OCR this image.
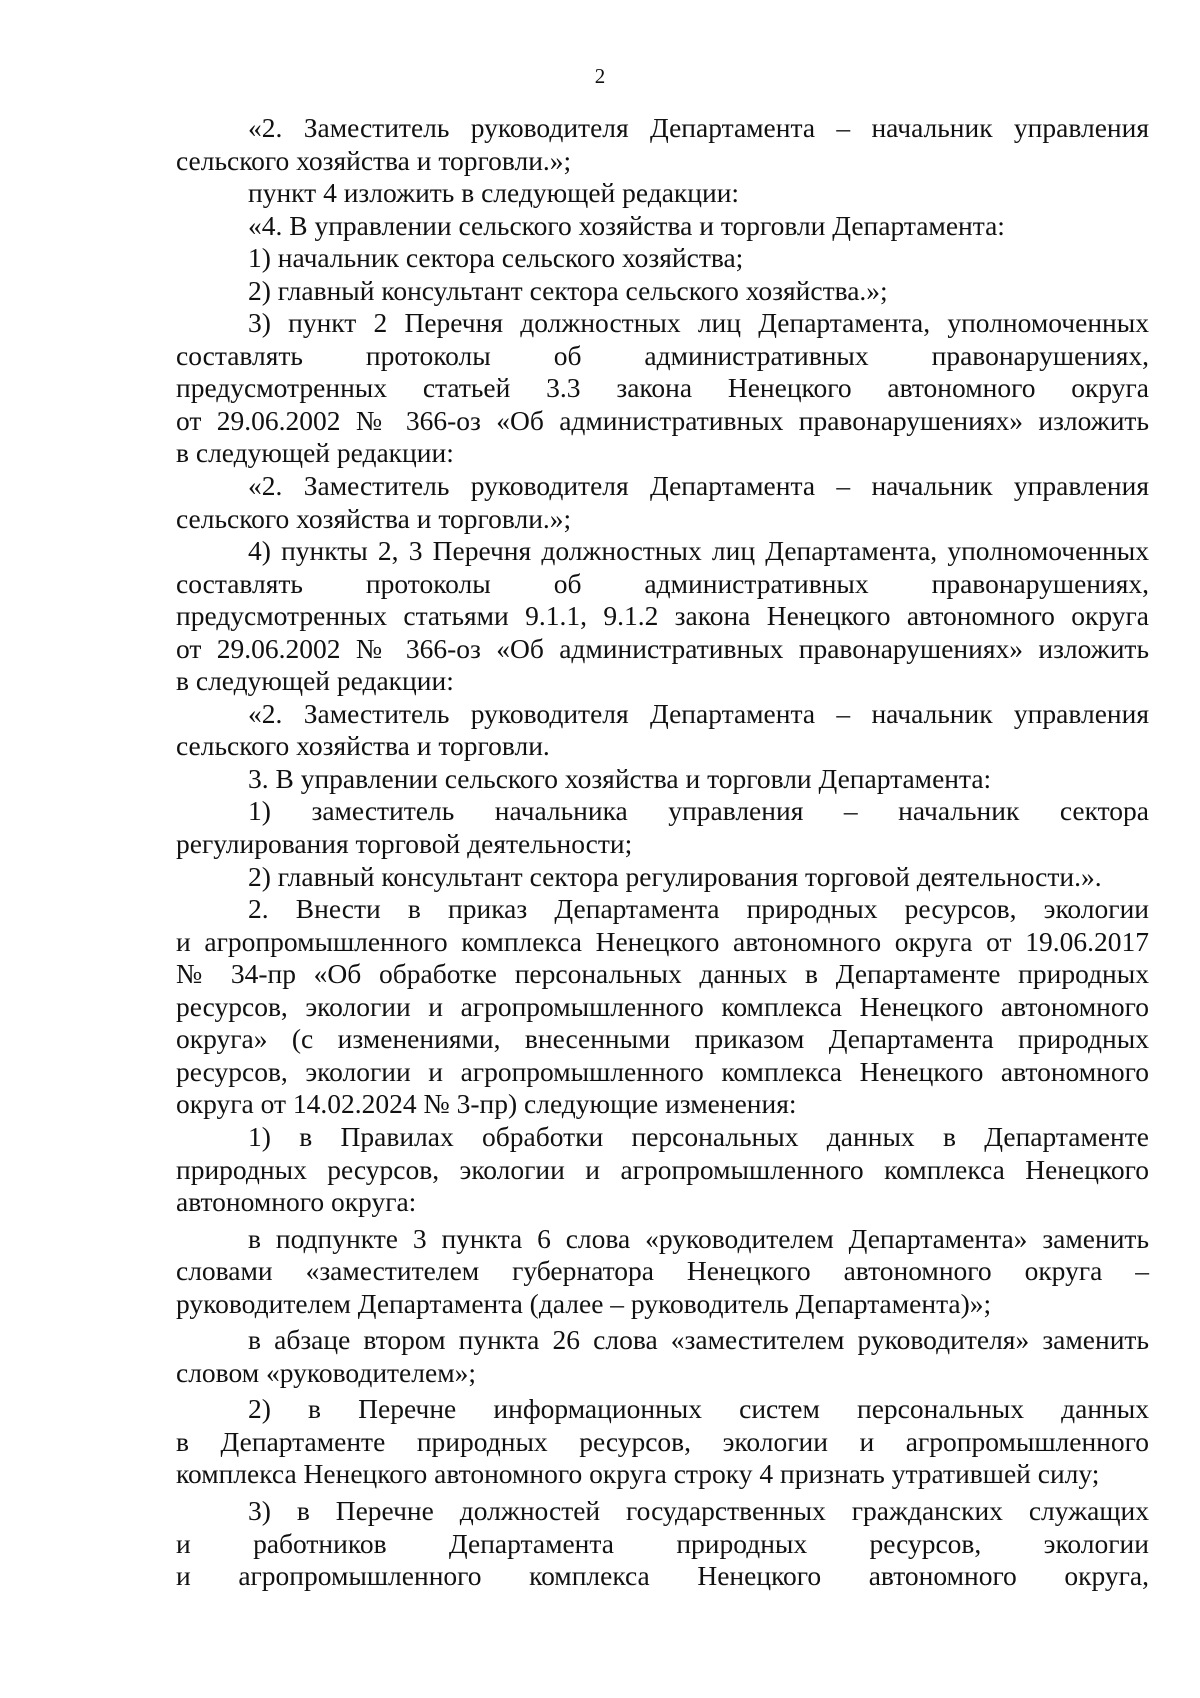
2
«2. Заместитель руководителя Департамента – начальник управления
сельского хозяйства и торговли.»;
пункт 4 изложить в следующей редакции:
«4. В управлении сельского хозяйства и торговли Департамента:
1) начальник сектора сельского хозяйства;
2) главный консультант сектора сельского хозяйства.»;
3) пункт 2 Перечня должностных лиц Департамента, уполномоченных
составлять протоколы об административных правонарушениях,
предусмотренных статьей 3.3 закона Ненецкого автономного округа
от 29.06.2002 № 366-оз «Об административных правонарушениях» изложить
в следующей редакции:
«2. Заместитель руководителя Департамента – начальник управления
сельского хозяйства и торговли.»;
4) пункты 2, 3 Перечня должностных лиц Департамента, уполномоченных
составлять протоколы об административных правонарушениях,
предусмотренных статьями 9.1.1, 9.1.2 закона Ненецкого автономного округа
от 29.06.2002 № 366-оз «Об административных правонарушениях» изложить
в следующей редакции:
«2. Заместитель руководителя Департамента – начальник управления
сельского хозяйства и торговли.
3. В управлении сельского хозяйства и торговли Департамента:
1) заместитель начальника управления – начальник сектора
регулирования торговой деятельности;
2) главный консультант сектора регулирования торговой деятельности.».
2. Внести в приказ Департамента природных ресурсов, экологии
и агропромышленного комплекса Ненецкого автономного округа от 19.06.2017
№ 34-пр «Об обработке персональных данных в Департаменте природных
ресурсов, экологии и агропромышленного комплекса Ненецкого автономного
округа» (с изменениями, внесенными приказом Департамента природных
ресурсов, экологии и агропромышленного комплекса Ненецкого автономного
округа от 14.02.2024 № 3-пр) следующие изменения:
1) в Правилах обработки персональных данных в Департаменте
природных ресурсов, экологии и агропромышленного комплекса Ненецкого
автономного округа:
в подпункте 3 пункта 6 слова «руководителем Департамента» заменить
словами «заместителем губернатора Ненецкого автономного округа –
руководителем Департамента (далее – руководитель Департамента)»;
в абзаце втором пункта 26 слова «заместителем руководителя» заменить
словом «руководителем»;
2) в Перечне информационных систем персональных данных
в Департаменте природных ресурсов, экологии и агропромышленного
комплекса Ненецкого автономного округа строку 4 признать утратившей силу;
3) в Перечне должностей государственных гражданских служащих
и работников Департамента природных ресурсов, экологии
и агропромышленного комплекса Ненецкого автономного округа,
